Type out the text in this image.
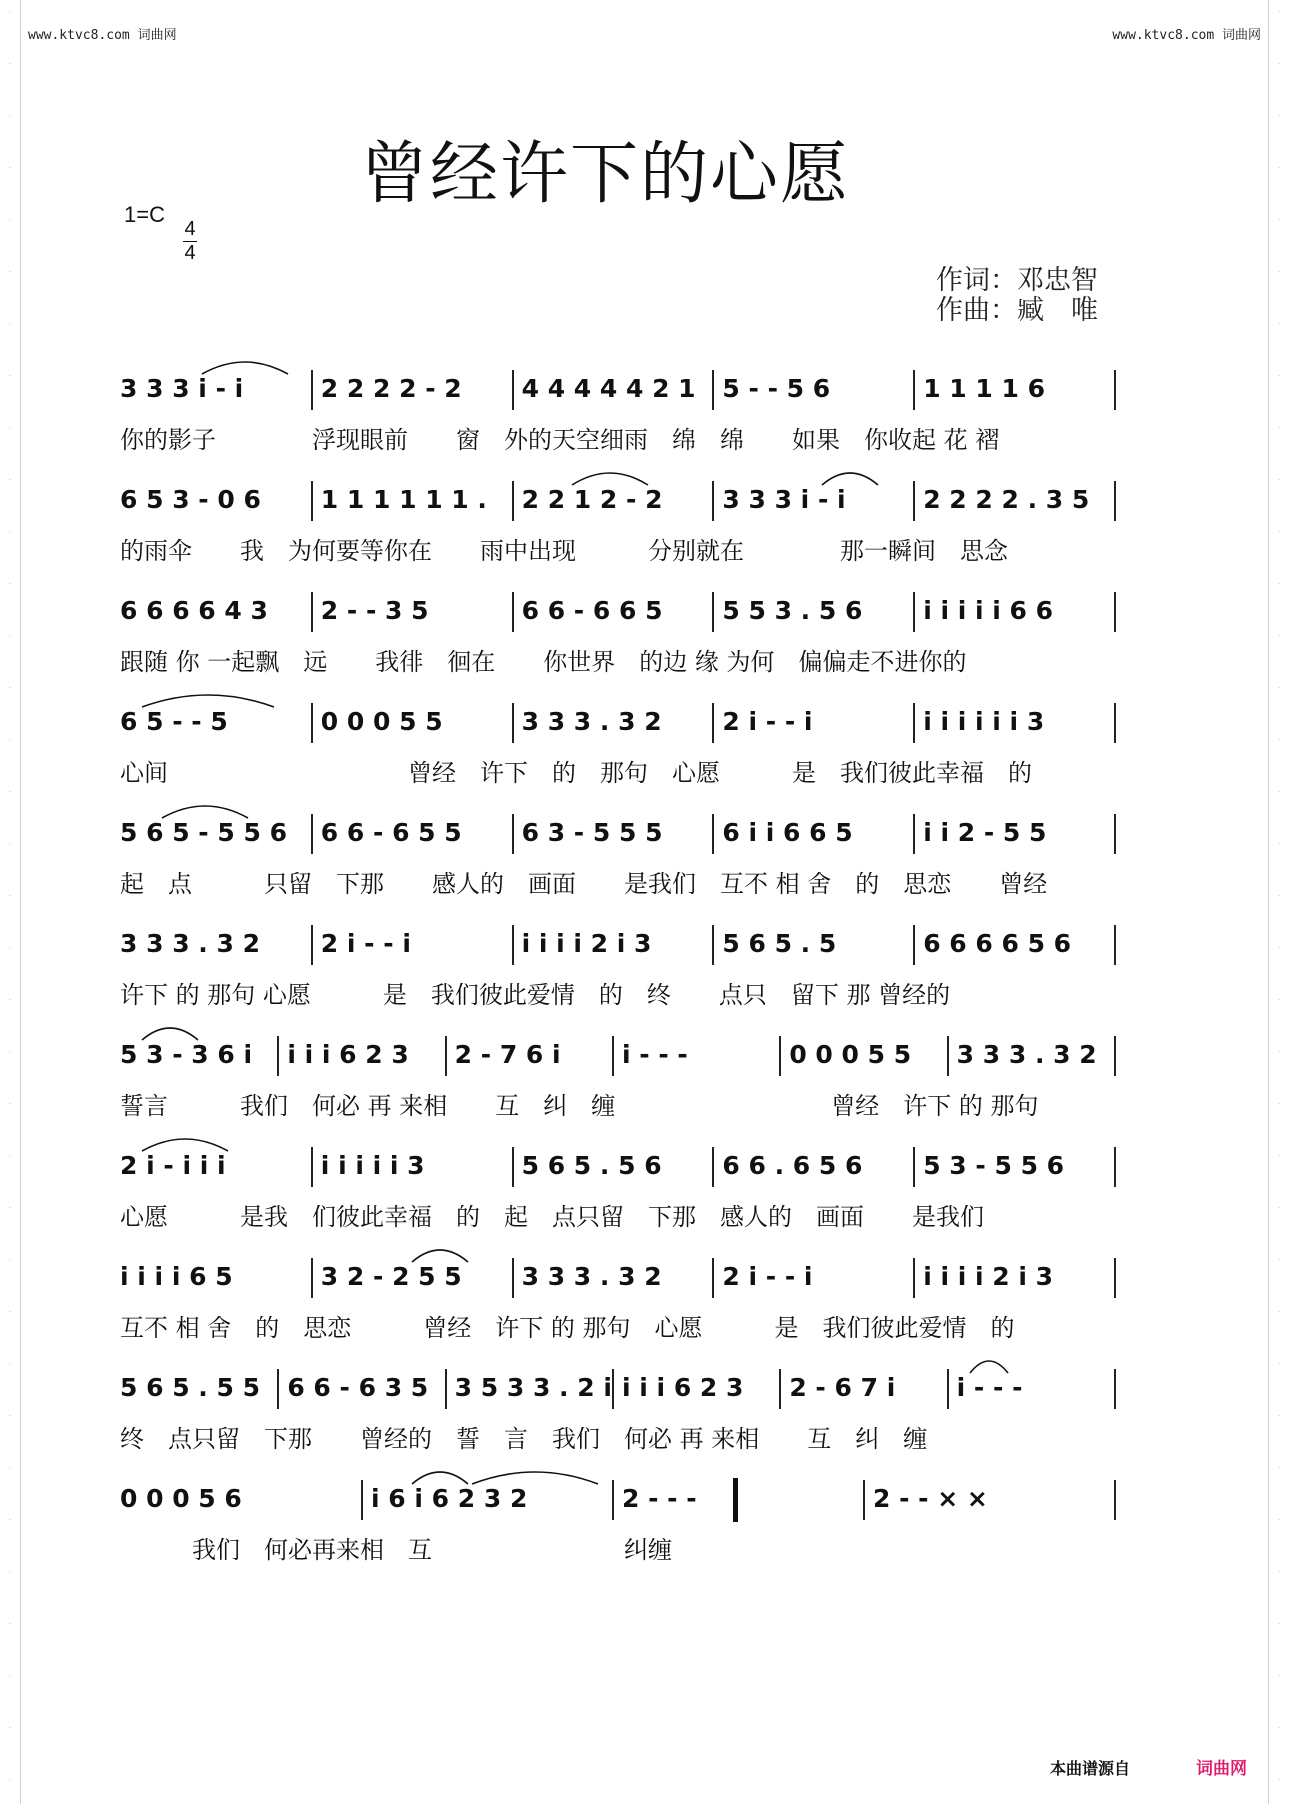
·
·
·
·
·
·
·
·
·
·
·
·
·
·
·
·
·
·
·
·
·
·
·
·
·
·
·
·
·
·
·
·
·
·
·
·
·
·
·
·
·
·
·
·
·
·
·
·
·
·
·
·
·
·
·
·
·
·
·
·
·
·
·
·
·
·
·
·
·
·
www.ktvc8.com 词曲网	www.ktvc8.com 词曲网
曾经许下的心愿
1=C
4
4
作词：邓忠智
作曲：臧　唯
3 3 3 i - i	2 2 2 2 - 2 4 4 4 4 4 2 1 5 - - 5 6	1 1 1 1 6
你的影子　　　　浮现眼前　　窗　外的天空细雨　绵　绵　　如果　你收起 花 褶
6 5 3 - 0 6 1 1 1 1 1 1 . 2 2 1 2 - 2 3 3 3 i - i	2 2 2 2 . 3 5
的雨伞　　我　为何要等你在　　雨中出现　　　分别就在　　　　那一瞬间　思念
6 6 6 6 4 3 2 - - 3 5	6 6 - 6 6 5 5 5 3 . 5 6 i i i i i 6 6
跟随 你 一起飘　远　　我徘　徊在　　你世界　的边 缘 为何　偏偏走不进你的
6 5 - - 5	0 0 0 5 5	3 3 3 . 3 2 2 i - - i	i i i i i i 3
心间　　　　　　　　　　曾经　许下　的　那句　心愿　　　是　我们彼此幸福　的
5 6 5 - 5 5 6 6 6 - 6 5 5 6 3 - 5 5 5 6 i i 6 6 5	i i 2 - 5 5
起　点　　　只留　下那　　感人的　画面　　是我们　互不 相 舍　的　思恋　　曾经
3 3 3 . 3 2 2 i - - i	i i i i 2 i 3	5 6 5 . 5	6 6 6 6 5 6
许下 的 那句 心愿　　　是　我们彼此爱情　的　终　　点只　留下 那 曾经的
5 3 - 3 6 i i i i 6 2 3 2 - 7 6 i i - - -	0 0 0 5 5 3 3 3 . 3 2
誓言　　　我们　何必 再 来相　　互　纠　缠　　　　　　　　　曾经　许下 的 那句
2 i - i i i	i i i i i 3	5 6 5 . 5 6 6 6 . 6 5 6 5 3 - 5 5 6
心愿　　　是我　们彼此幸福　的　起　点只留　下那　感人的　画面　　是我们
i i i i 6 5	3 2 - 2 5 5 3 3 3 . 3 2 2 i - - i	i i i i 2 i 3
互不 相 舍　的　思恋　　　曾经　许下 的 那句　心愿　　　是　我们彼此爱情　的
5 6 5 . 5 5 6 6 - 6 3 5 3 5 3 3 . 2 i i i i 6 2 3 2 - 6 7 i i - - -
终　点只留　下那　　曾经的　誓　言　我们　何必 再 来相　　互　纠　缠
0 0 0 5 6	i 6 i 6 2 3 2	2 - - -	2 - - × ×
　　　我们　何必再来相　互　　　　　　　　纠缠
本曲谱源自	词曲网
